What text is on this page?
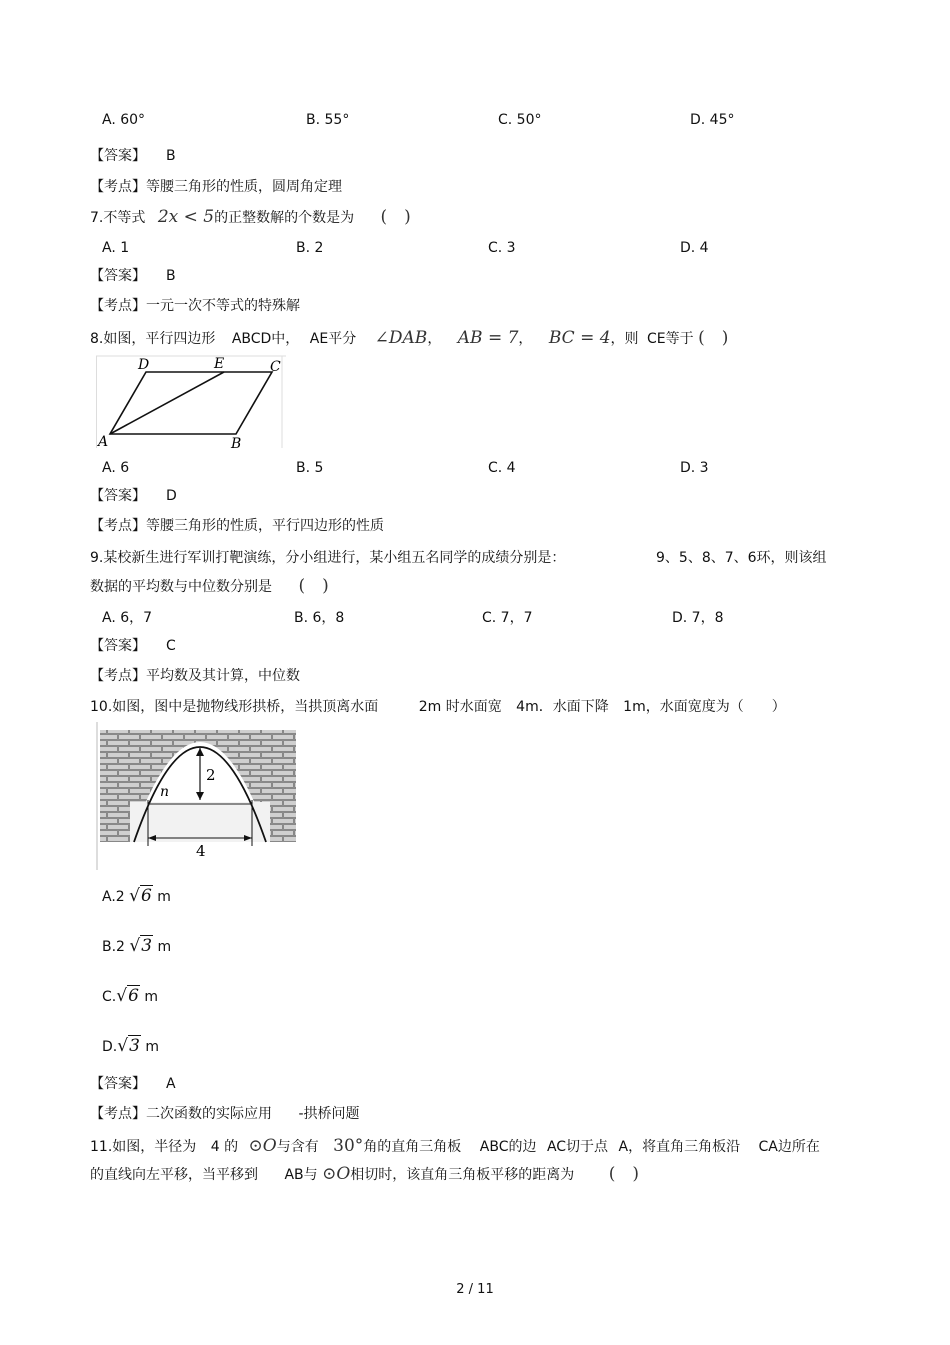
A. 60°	B. 55°	C. 50°	D. 45°
【答案】 B
【考点】等腰三角形的性质，圆周角定理
7.不等式 2x < 5的正整数解的个数是为 (　)
A. 1	B. 2	C. 3	D. 4
【答案】 B
【考点】一元一次不等式的特殊解
8.如图，平行四边形 ABCD中， AE平分 ∠DAB， AB = 7， BC = 4，则 CE等于 (　)
D	E	C
A	B
A. 6	B. 5	C. 4	D. 3
【答案】 D
【考点】等腰三角形的性质，平行四边形的性质
9.某校新生进行军训打靶演练，分小组进行，某小组五名同学的成绩分别是：	9、5、8、7、6环，则该组
数据的平均数与中位数分别是 (　)
A. 6，7	B. 6，8	C. 7，7	D. 7，8
【答案】 C
【考点】平均数及其计算，中位数
10.如图，图中是抛物线形拱桥，当拱顶离水面	2m 时水面宽 4m．水面下降 1m，水面宽度为（　　）
2
n
4
A.2 √6 m
B.2 √3 m
C.√6 m
D.√3 m
【答案】 A
【考点】二次函数的实际应用 -拱桥问题
11.如图，半径为 4 的 ⊙O与含有 30°角的直角三角板 ABC的边 AC切于点 A，将直角三角板沿 CA边所在
的直线向左平移，当平移到 AB与 ⊙O相切时，该直角三角板平移的距离为 (　)
2 / 11
